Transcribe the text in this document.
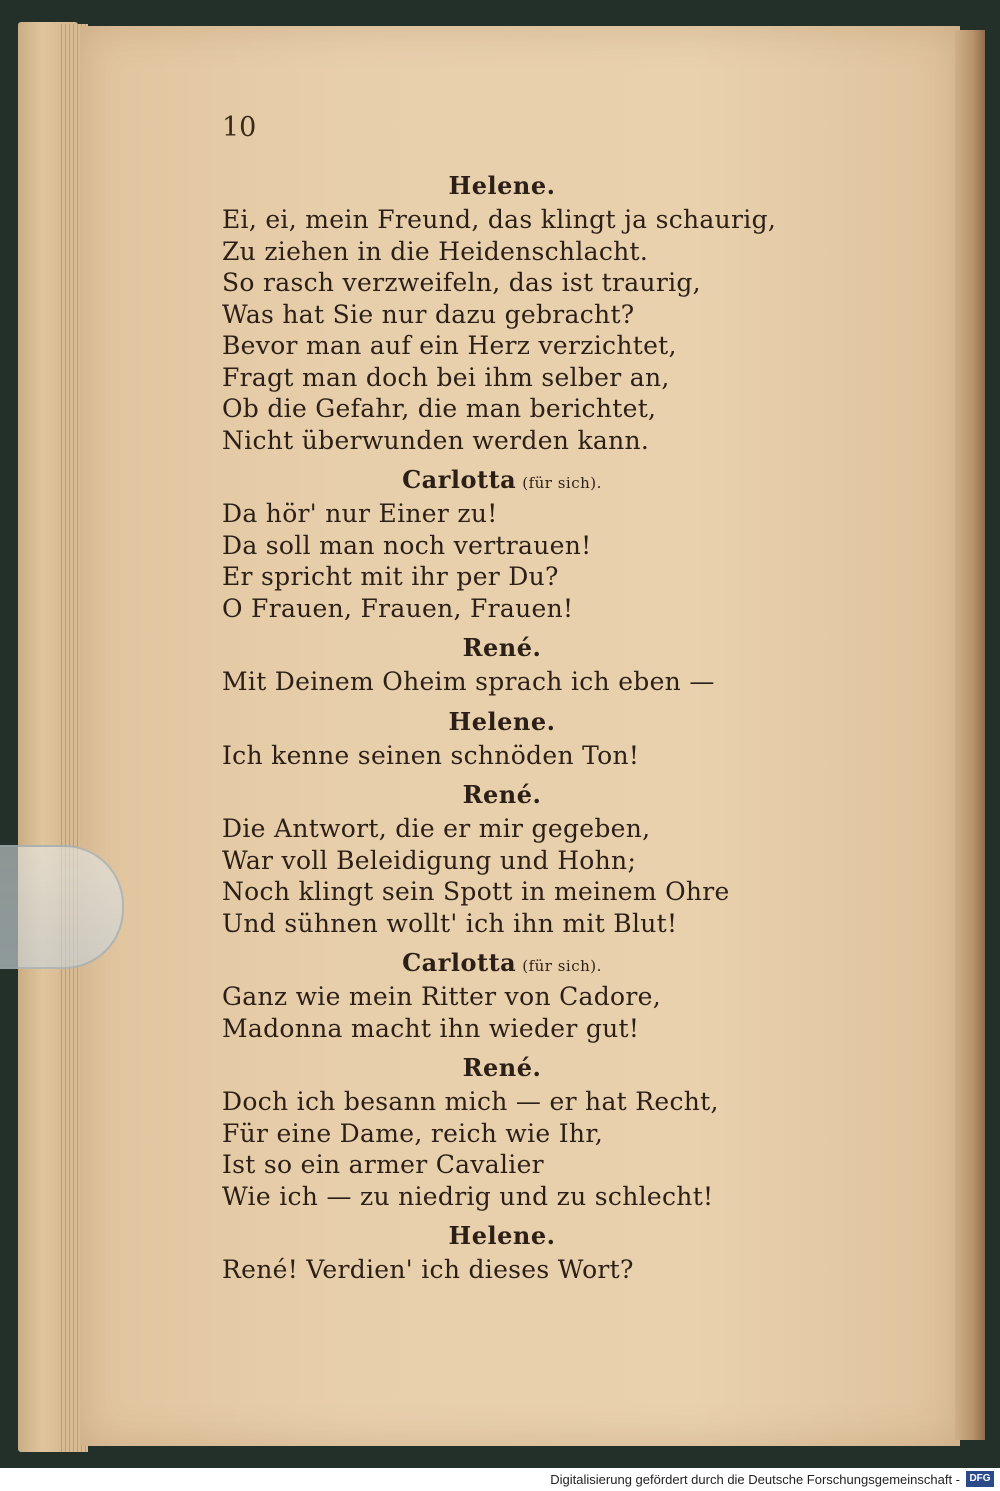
10

Helene.

Ei, ei, mein Freund, das klingt ja schaurig,

Zu ziehen in die Heidenschlacht.

So rasch verzweifeln, das ist traurig,

Was hat Sie nur dazu gebracht?

Bevor man auf ein Herz verzichtet,

Fragt man doch bei ihm selber an,

Ob die Gefahr, die man berichtet,

Nicht überwunden werden kann.

Carlotta (für sich).

Da hör' nur Einer zu!

Da soll man noch vertrauen!

Er spricht mit ihr per Du?

O Frauen, Frauen, Frauen!

René.

Mit Deinem Oheim sprach ich eben —

Helene.

Ich kenne seinen schnöden Ton!

René.

Die Antwort, die er mir gegeben,

War voll Beleidigung und Hohn;

Noch klingt sein Spott in meinem Ohre

Und sühnen wollt' ich ihn mit Blut!

Carlotta (für sich).

Ganz wie mein Ritter von Cadore,

Madonna macht ihn wieder gut!

René.

Doch ich besann mich — er hat Recht,

Für eine Dame, reich wie Ihr,

Ist so ein armer Cavalier

Wie ich — zu niedrig und zu schlecht!

Helene.

René! Verdien' ich dieses Wort?

Digitalisierung gefördert durch die Deutsche Forschungsgemeinschaft - DFG
